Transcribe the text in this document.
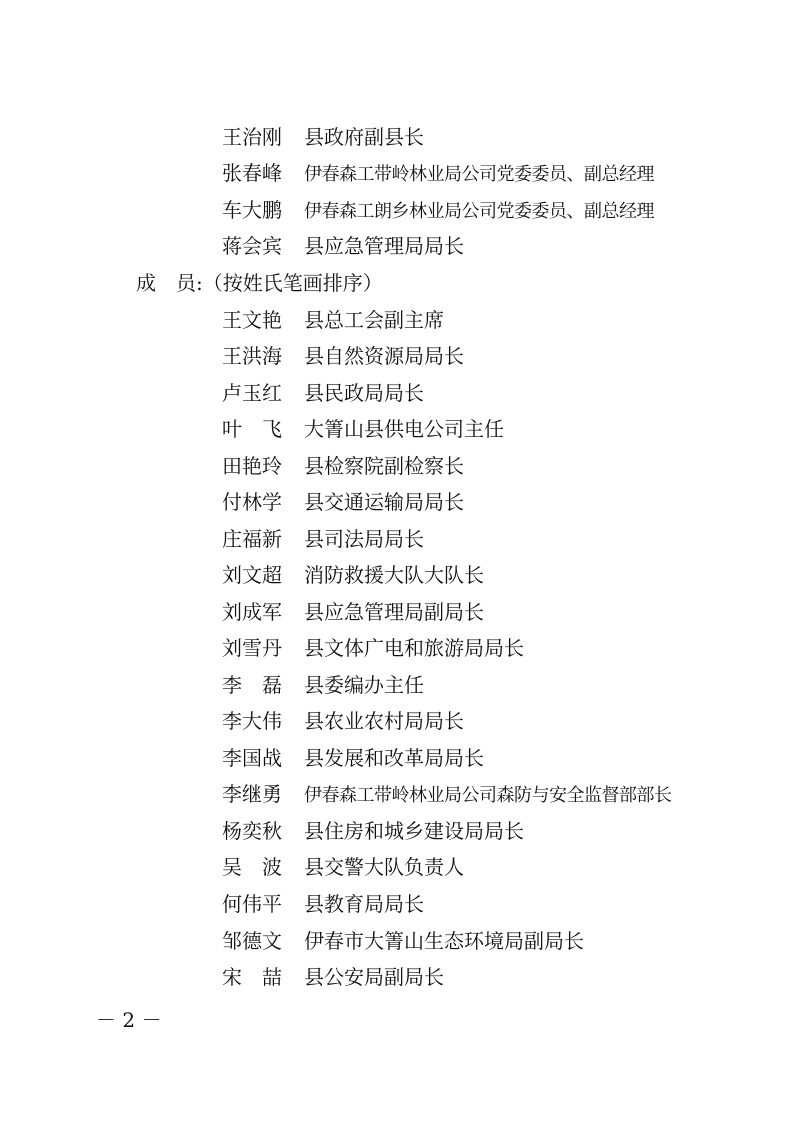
王治刚 县政府副县长
张春峰 伊春森工带岭林业局公司党委委员、副总经理
车大鹏 伊春森工朗乡林业局公司党委委员、副总经理
蒋会宾 县应急管理局局长
成　员:（按姓氏笔画排序）
王文艳 县总工会副主席
王洪海 县自然资源局局长
卢玉红 县民政局局长
叶　飞 大箐山县供电公司主任
田艳玲 县检察院副检察长
付林学 县交通运输局局长
庄福新 县司法局局长
刘文超 消防救援大队大队长
刘成军 县应急管理局副局长
刘雪丹 县文体广电和旅游局局长
李　磊 县委编办主任
李大伟 县农业农村局局长
李国战 县发展和改革局局长
李继勇 伊春森工带岭林业局公司森防与安全监督部部长
杨奕秋 县住房和城乡建设局局长
吴　波 县交警大队负责人
何伟平 县教育局局长
邹德文 伊春市大箐山生态环境局副局长
宋　喆 县公安局副局长
－ 2 －
